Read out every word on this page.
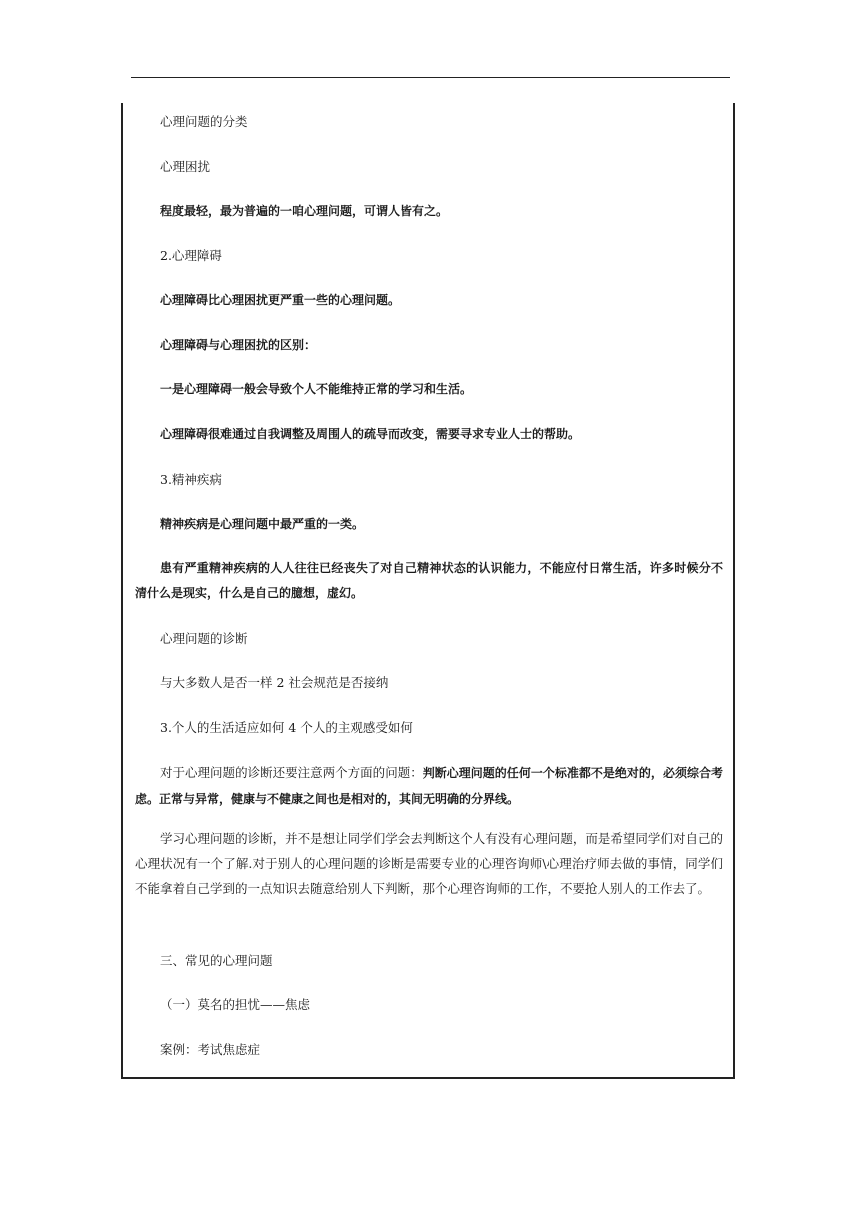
心理问题的分类

心理困扰

程度最轻，最为普遍的一咱心理问题，可谓人皆有之。

2.心理障碍

心理障碍比心理困扰更严重一些的心理问题。

心理障碍与心理困扰的区别：

一是心理障碍一般会导致个人不能维持正常的学习和生活。

心理障碍很难通过自我调整及周围人的疏导而改变，需要寻求专业人士的帮助。

3.精神疾病

精神疾病是心理问题中最严重的一类。

患有严重精神疾病的人人往往已经丧失了对自己精神状态的认识能力，不能应付日常生活，许多时候分不清什么是现实，什么是自己的臆想，虚幻。

心理问题的诊断

与大多数人是否一样 2 社会规范是否接纳

3.个人的生活适应如何 4 个人的主观感受如何

对于心理问题的诊断还要注意两个方面的问题：判断心理问题的任何一个标准都不是绝对的，必须综合考虑。正常与异常，健康与不健康之间也是相对的，其间无明确的分界线。

学习心理问题的诊断，并不是想让同学们学会去判断这个人有没有心理问题，而是希望同学们对自己的心理状况有一个了解.对于别人的心理问题的诊断是需要专业的心理咨询师\心理治疗师去做的事情，同学们不能拿着自己学到的一点知识去随意给别人下判断，那个心理咨询师的工作，不要抢人别人的工作去了。

三、常见的心理问题

（一）莫名的担忧——焦虑

案例：考试焦虑症
